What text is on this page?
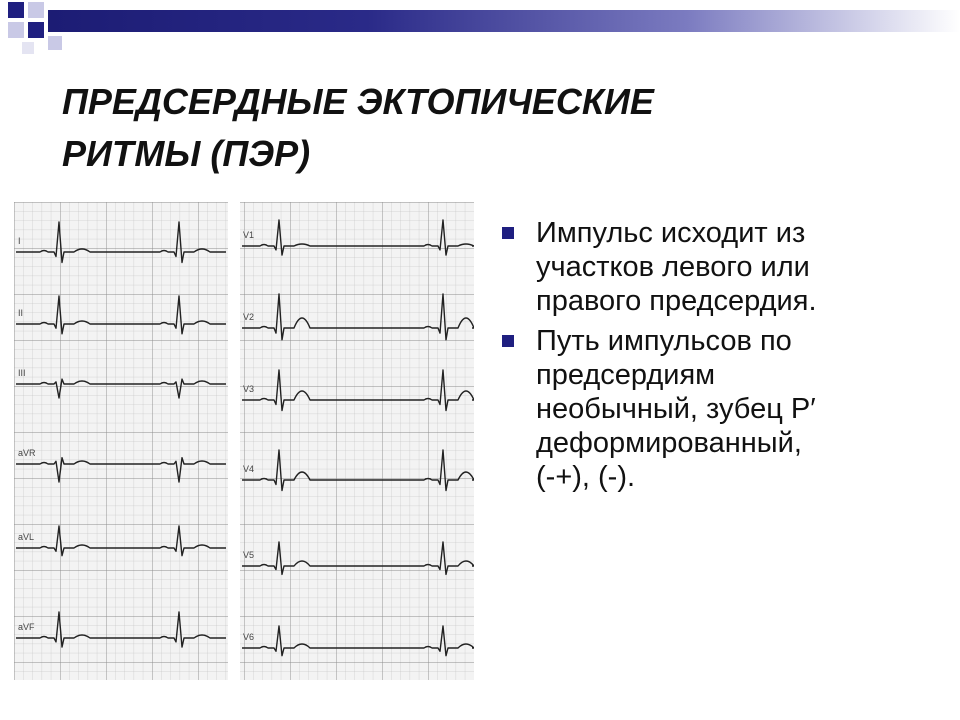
ПРЕДСЕРДНЫЕ ЭКТОПИЧЕСКИЕ
РИТМЫ (ПЭР)
I
II
III
aVR
aVL
aVF
V1
V2
V3
V4
V5
V6
Импульс исходит из
участков левого или
правого предсердия.
Путь импульсов по
предсердиям
необычный, зубец P′
деформированный,
(-+), (-).
